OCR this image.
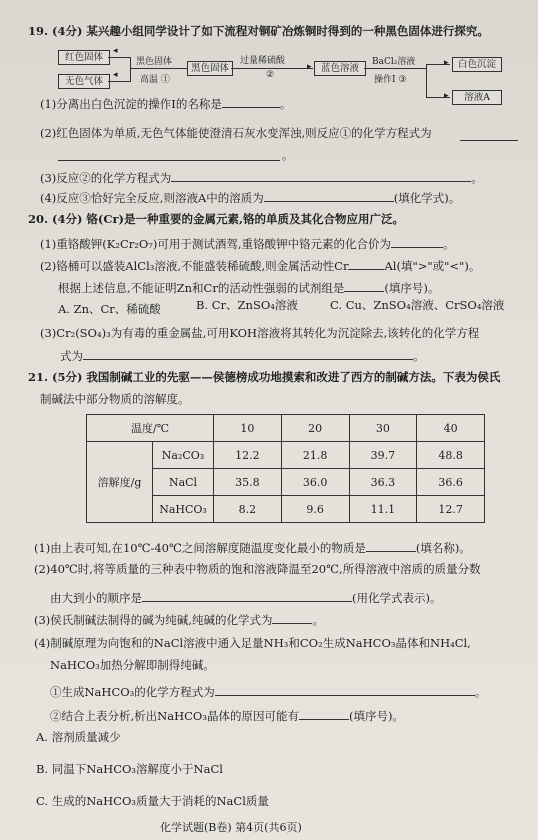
19. (4分) 某兴趣小组同学设计了如下流程对铜矿冶炼铜时得到的一种黑色固体进行探究。
红色固体
无色气体
◂
◂
黑色固体
高温 ①
黑色固体	▸
过量稀硫酸
②
蓝色溶液
BaCl₂溶液
操作I ③
▸
▸
白色沉淀
溶液A
(1)分离出白色沉淀的操作I的名称是	。
(2)红色固体为单质,无色气体能使澄清石灰水变浑浊,则反应①的化学方程式为
。
(3)反应②的化学方程式为	。
(4)反应③恰好完全反应,则溶液A中的溶质为	(填化学式)。
20. (4分) 铬(Cr)是一种重要的金属元素,铬的单质及其化合物应用广泛。
(1)重铬酸钾(K₂Cr₂O₇)可用于测试酒驾,重铬酸钾中铬元素的化合价为	。
(2)铬桶可以盛装AlCl₃溶液,不能盛装稀硫酸,则金属活动性Cr	Al(填">"或"<")。
根据上述信息,不能证明Zn和Cr的活动性强弱的试剂组是	(填序号)。
A. Zn、Cr、稀硫酸	B. Cr、ZnSO₄溶液	C. Cu、ZnSO₄溶液、CrSO₄溶液
(3)Cr₂(SO₄)₃为有毒的重金属盐,可用KOH溶液将其转化为沉淀除去,该转化的化学方程
式为	。
21. (5分) 我国制碱工业的先驱——侯德榜成功地摸索和改进了西方的制碱方法。下表为侯氏
制碱法中部分物质的溶解度。
温度/℃		10	20	30	40
溶解度/g	Na₂CO₃	12.2	21.8	39.7	48.8
	NaCl	35.8	36.0	36.3	36.6
	NaHCO₃	8.2	9.6	11.1	12.7
(1)由上表可知,在10℃-40℃之间溶解度随温度变化最小的物质是	(填名称)。
(2)40℃时,将等质量的三种表中物质的饱和溶液降温至20℃,所得溶液中溶质的质量分数
由大到小的顺序是	(用化学式表示)。
(3)侯氏制碱法制得的碱为纯碱,纯碱的化学式为	。
(4)制碱原理为向饱和的NaCl溶液中通入足量NH₃和CO₂生成NaHCO₃晶体和NH₄Cl,
NaHCO₃加热分解即制得纯碱。
①生成NaHCO₃的化学方程式为	。
②结合上表分析,析出NaHCO₃晶体的原因可能有	(填序号)。
A. 溶剂质量减少
B. 同温下NaHCO₃溶解度小于NaCl
C. 生成的NaHCO₃质量大于消耗的NaCl质量
化学试题(B卷) 第4页(共6页)
